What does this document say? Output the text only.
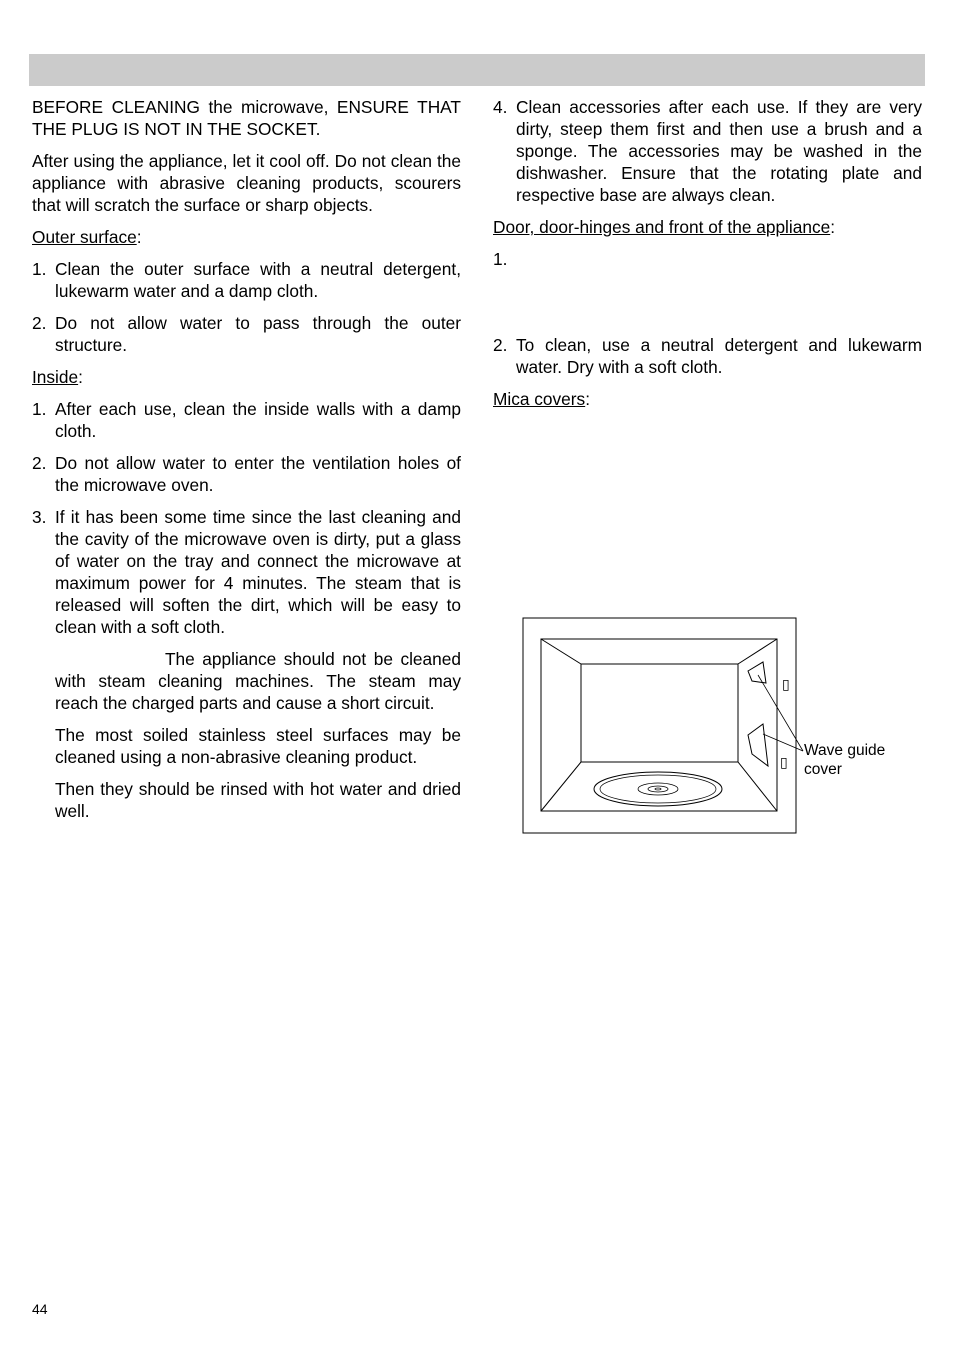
BEFORE CLEANING the microwave, ENSURE THAT THE PLUG IS NOT IN THE SOCKET.

After using the appliance, let it cool off. Do not clean the appliance with abrasive cleaning products, scourers that will scratch the surface or sharp objects.

Outer surface:

1. Clean the outer surface with a neutral detergent, lukewarm water and a damp cloth.
2. Do not allow water to pass through the outer structure.

Inside:

1. After each use, clean the inside walls with a damp cloth.
2. Do not allow water to enter the ventilation holes of the microwave oven.
3. If it has been some time since the last cleaning and the cavity of the microwave oven is dirty, put a glass of water on the tray and connect the microwave at maximum power for 4 minutes. The steam that is released will soften the dirt, which will be easy to clean with a soft cloth.

The appliance should not be cleaned with steam cleaning machines. The steam may reach the charged parts and cause a short circuit.

The most soiled stainless steel surfaces may be cleaned using a non-abrasive cleaning product.

Then they should be rinsed with hot water and dried well.

4. Clean accessories after each use. If they are very dirty, steep them first and then use a brush and a sponge. The accessories may be washed in the dishwasher. Ensure that the rotating plate and respective base are always clean.

Door, door-hinges and front of the appliance:

1.
2. To clean, use a neutral detergent and lukewarm water. Dry with a soft cloth.

Mica covers:

▯
▯
Wave guide
cover
44
